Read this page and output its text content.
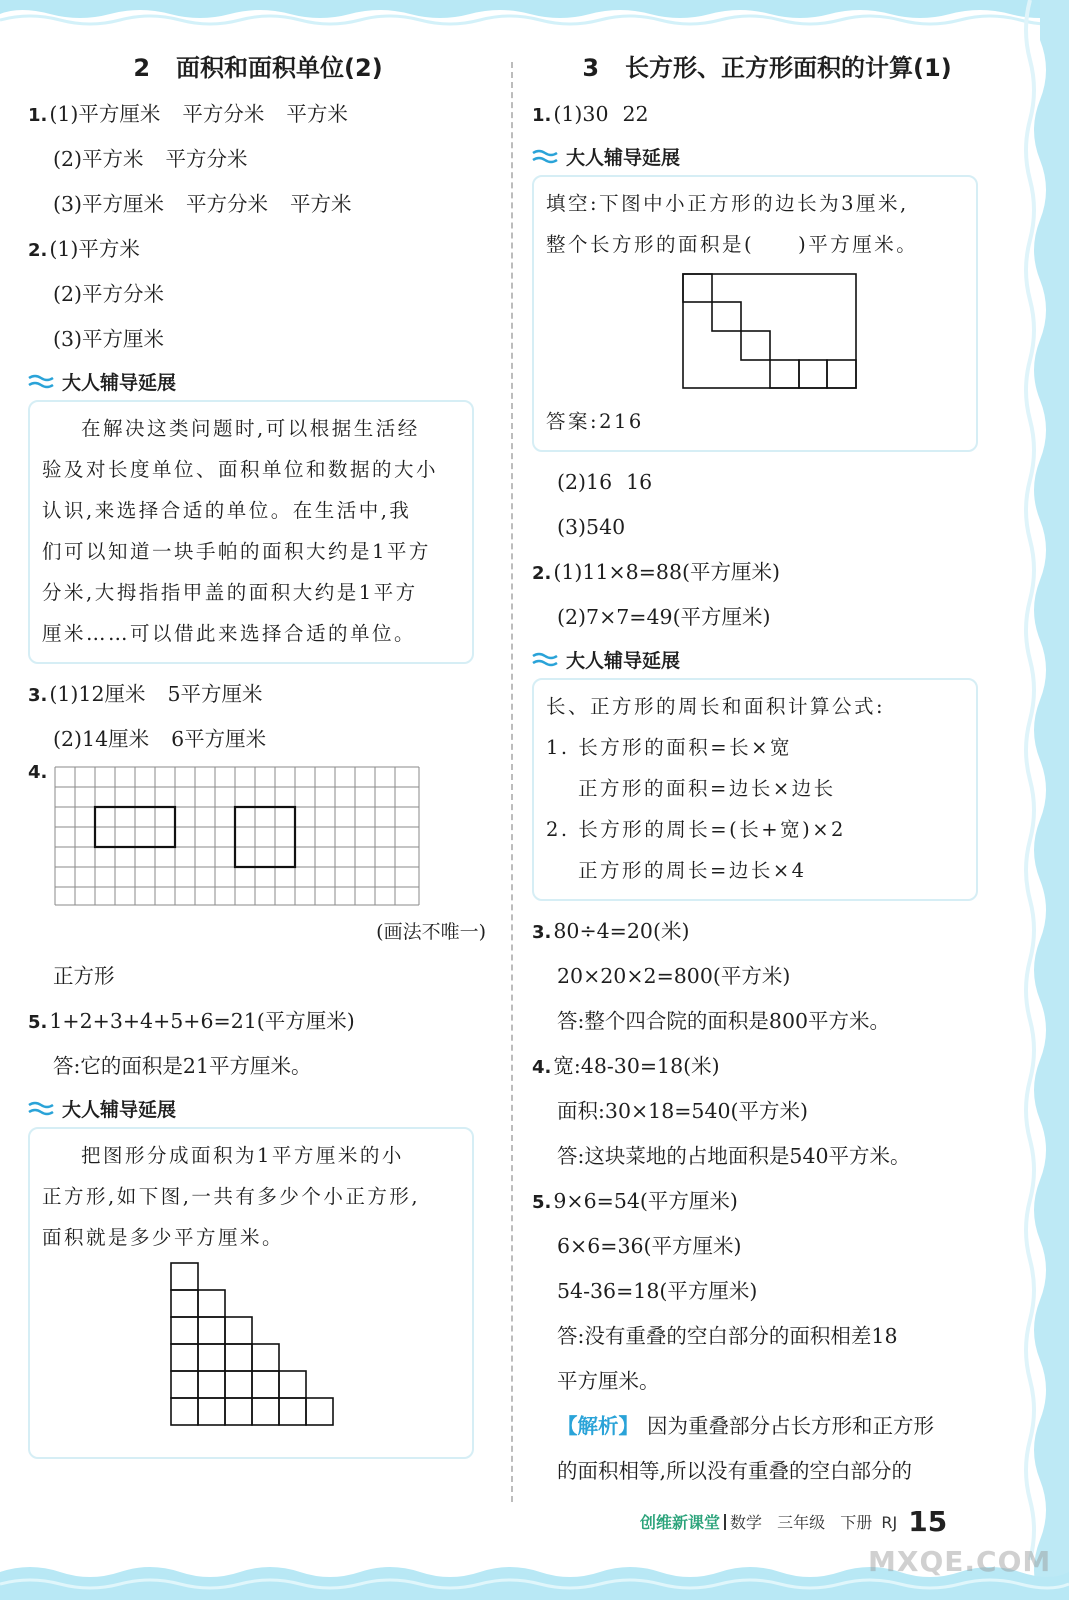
2 面积和面积单位(2)
1.(1)平方厘米 平方分米 平方米
(2)平方米 平方分米
(3)平方厘米 平方分米 平方米
2.(1)平方米
(2)平方分米
(3)平方厘米
大人辅导延展
在解决这类问题时,可以根据生活经
验及对长度单位、面积单位和数据的大小
认识,来选择合适的单位。在生活中,我
们可以知道一块手帕的面积大约是1平方
分米,大拇指指甲盖的面积大约是1平方
厘米……可以借此来选择合适的单位。
3.(1)12厘米 5平方厘米
(2)14厘米 6平方厘米
4.
(画法不唯一)
正方形
5.1+2+3+4+5+6=21(平方厘米)
答:它的面积是21平方厘米。
大人辅导延展
把图形分成面积为1平方厘米的小
正方形,如下图,一共有多少个小正方形,
面积就是多少平方厘米。
3 长方形、正方形面积的计算(1)
1.(1)30 22
大人辅导延展
填空:下图中小正方形的边长为3厘米,
整个长方形的面积是(　　)平方厘米。
答案:216
(2)16 16
(3)540
2.(1)11×8=88(平方厘米)
(2)7×7=49(平方厘米)
大人辅导延展
长、正方形的周长和面积计算公式:
1. 长方形的面积=长×宽
正方形的面积=边长×边长
2. 长方形的周长=(长+宽)×2
正方形的周长=边长×4
3.80÷4=20(米)
20×20×2=800(平方米)
答:整个四合院的面积是800平方米。
4.宽:48-30=18(米)
面积:30×18=540(平方米)
答:这块菜地的占地面积是540平方米。
5.9×6=54(平方厘米)
6×6=36(平方厘米)
54-36=18(平方厘米)
答:没有重叠的空白部分的面积相差18
平方厘米。
【解析】 因为重叠部分占长方形和正方形
的面积相等,所以没有重叠的空白部分的
创维新课堂 数学 三年级 下册 RJ 15
MXQE.COM
